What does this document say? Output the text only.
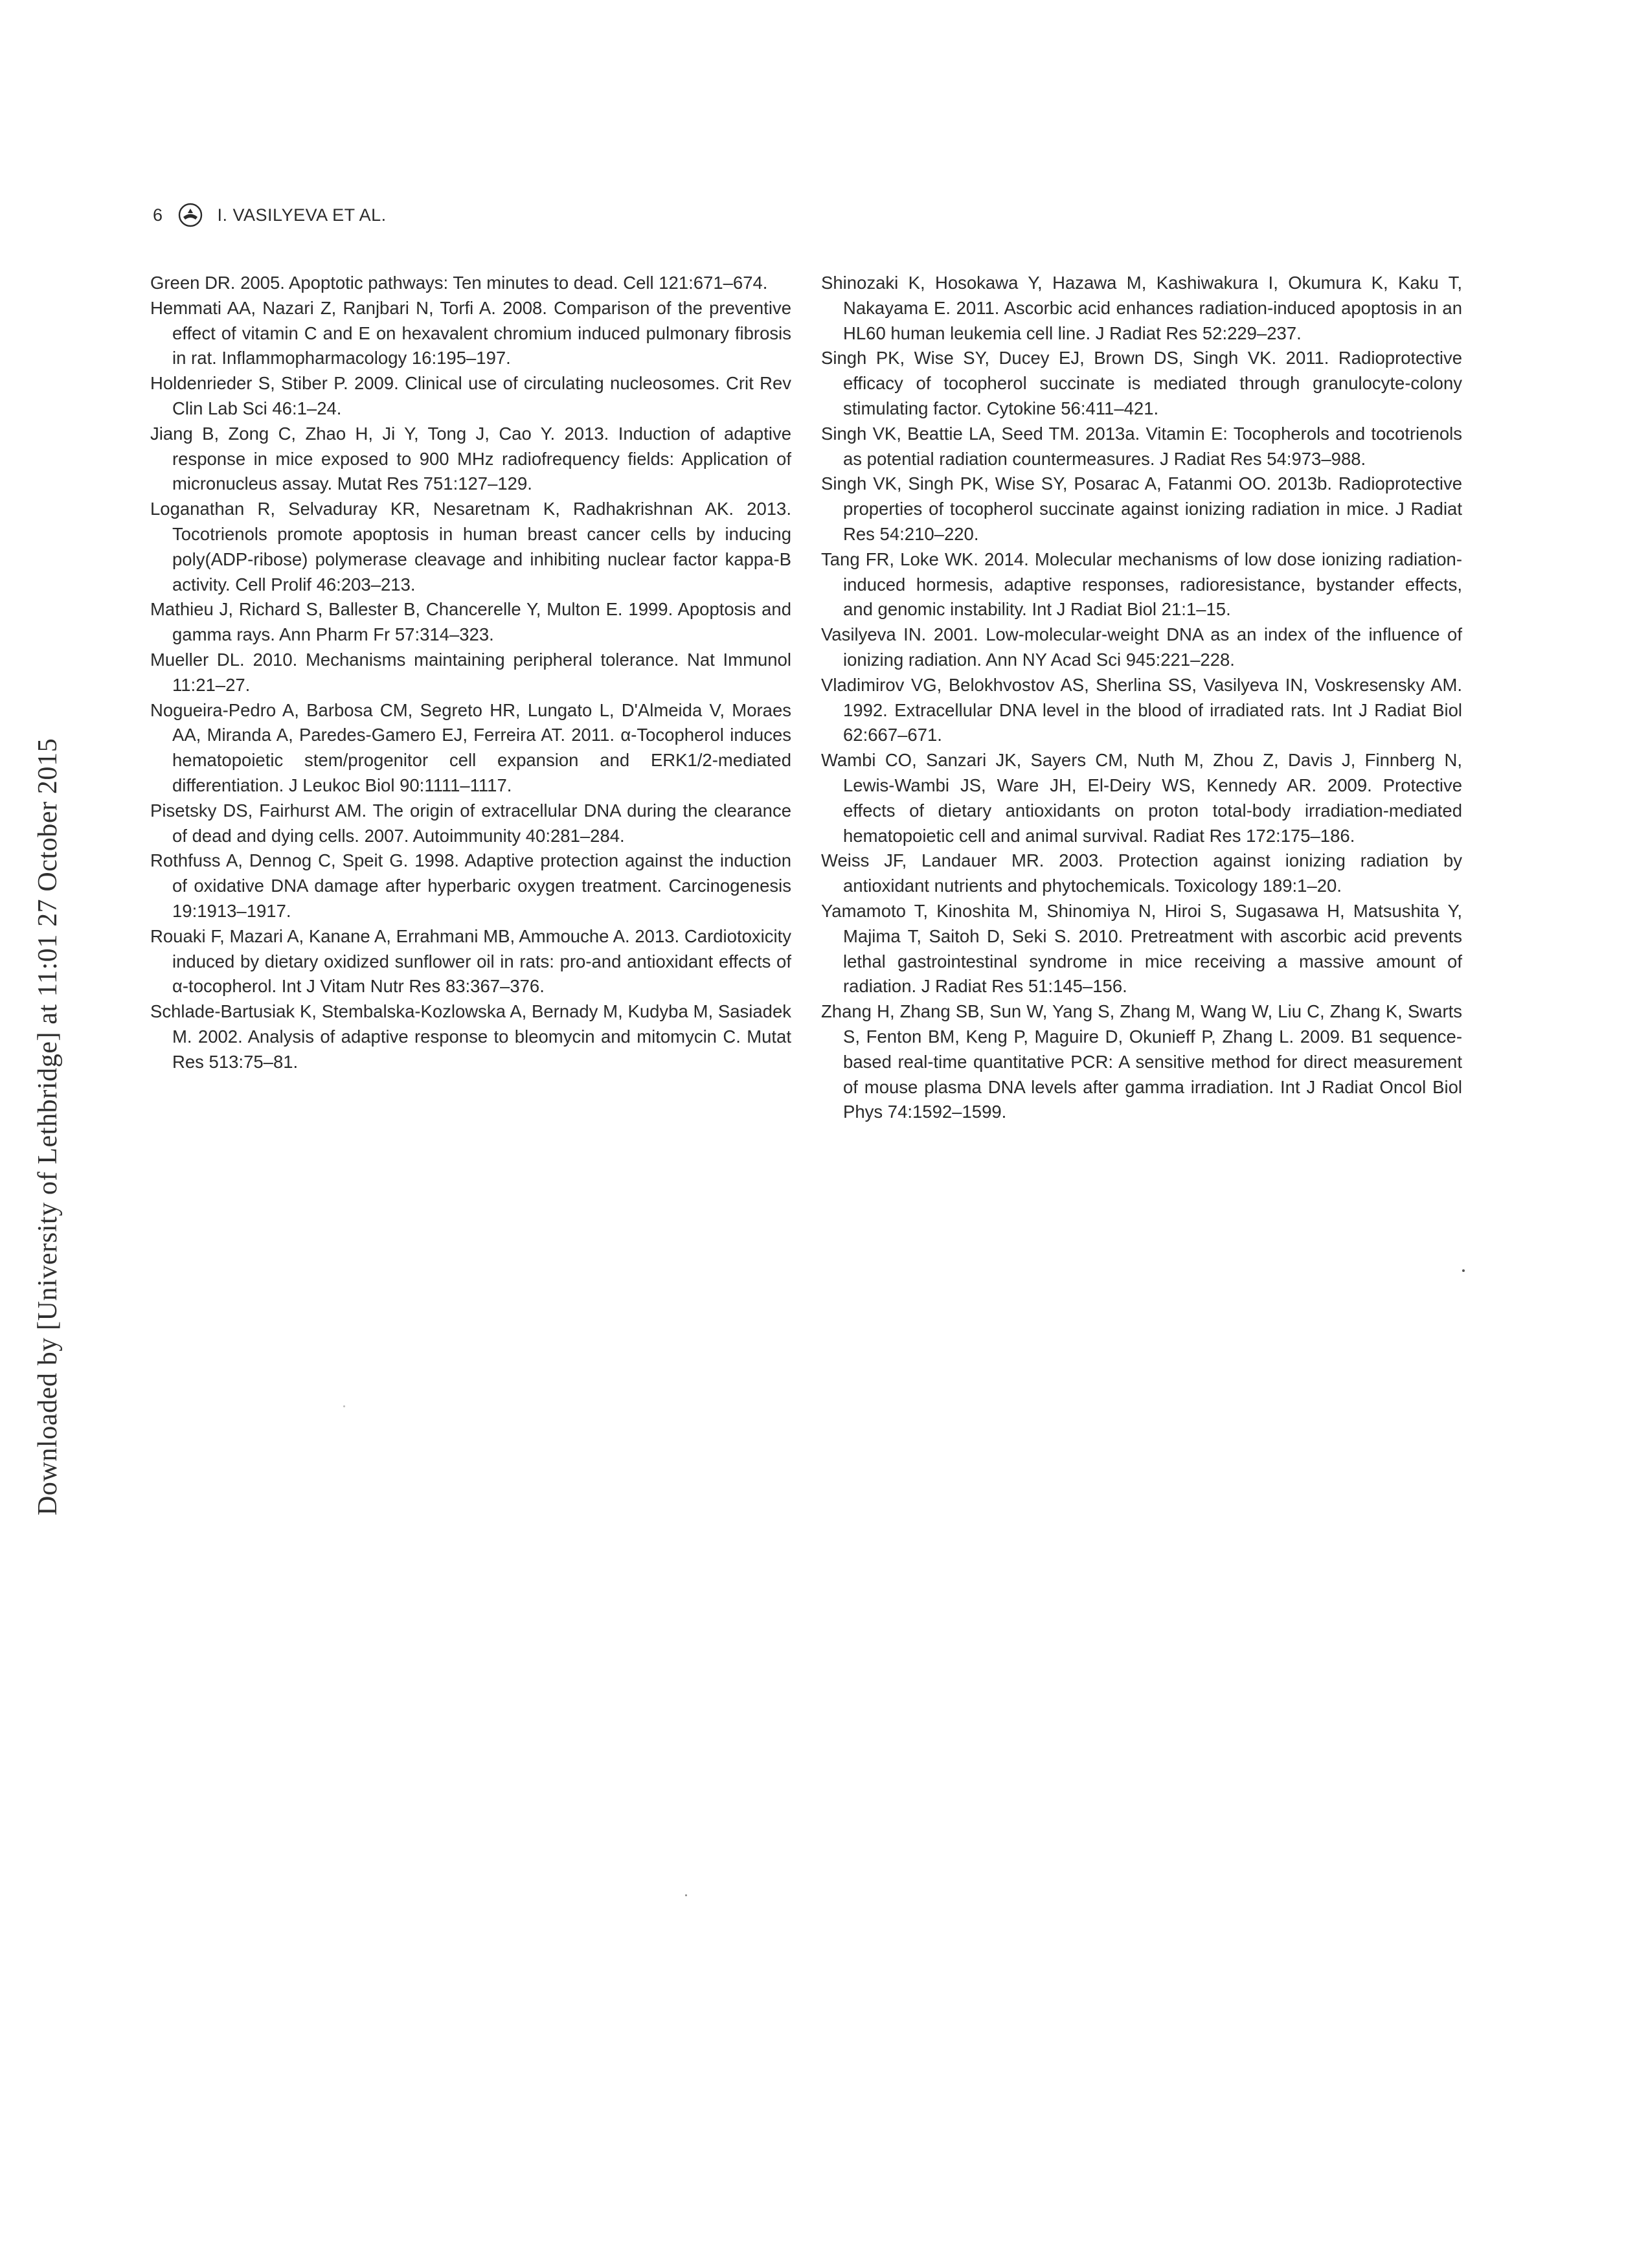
6	I. VASILYEVA ET AL.

Green DR. 2005. Apoptotic pathways: Ten minutes to dead. Cell 121:671–674.

Hemmati AA, Nazari Z, Ranjbari N, Torfi A. 2008. Comparison of the preventive effect of vitamin C and E on hexavalent chromium induced pulmonary fibrosis in rat. Inflammopharmacology 16:195–197.

Holdenrieder S, Stiber P. 2009. Clinical use of circulating nucleosomes. Crit Rev Clin Lab Sci 46:1–24.

Jiang B, Zong C, Zhao H, Ji Y, Tong J, Cao Y. 2013. Induction of adaptive response in mice exposed to 900 MHz radiofrequency fields: Application of micronucleus assay. Mutat Res 751:127–129.

Loganathan R, Selvaduray KR, Nesaretnam K, Radhakrishnan AK. 2013. Tocotrienols promote apoptosis in human breast cancer cells by inducing poly(ADP-ribose) polymerase cleavage and inhibiting nuclear factor kappa-B activity. Cell Prolif 46:203–213.

Mathieu J, Richard S, Ballester B, Chancerelle Y, Multon E. 1999. Apoptosis and gamma rays. Ann Pharm Fr 57:314–323.

Mueller DL. 2010. Mechanisms maintaining peripheral tolerance. Nat Immunol 11:21–27.

Nogueira-Pedro A, Barbosa CM, Segreto HR, Lungato L, D'Almeida V, Moraes AA, Miranda A, Paredes-Gamero EJ, Ferreira AT. 2011. α-Tocopherol induces hematopoietic stem/progenitor cell expansion and ERK1/2-mediated differentiation. J Leukoc Biol 90:1111–1117.

Pisetsky DS, Fairhurst AM. The origin of extracellular DNA during the clearance of dead and dying cells. 2007. Autoimmunity 40:281–284.

Rothfuss A, Dennog C, Speit G. 1998. Adaptive protection against the induction of oxidative DNA damage after hyperbaric oxygen treatment. Carcinogenesis 19:1913–1917.

Rouaki F, Mazari A, Kanane A, Errahmani MB, Ammouche A. 2013. Cardiotoxicity induced by dietary oxidized sunflower oil in rats: pro-and antioxidant effects of α-tocopherol. Int J Vitam Nutr Res 83:367–376.

Schlade-Bartusiak K, Stembalska-Kozlowska A, Bernady M, Kudyba M, Sasiadek M. 2002. Analysis of adaptive response to bleomycin and mitomycin C. Mutat Res 513:75–81.

Shinozaki K, Hosokawa Y, Hazawa M, Kashiwakura I, Okumura K, Kaku T, Nakayama E. 2011. Ascorbic acid enhances radiation-induced apoptosis in an HL60 human leukemia cell line. J Radiat Res 52:229–237.

Singh PK, Wise SY, Ducey EJ, Brown DS, Singh VK. 2011. Radioprotective efficacy of tocopherol succinate is mediated through granulocyte-colony stimulating factor. Cytokine 56:411–421.

Singh VK, Beattie LA, Seed TM. 2013a. Vitamin E: Tocopherols and tocotrienols as potential radiation countermeasures. J Radiat Res 54:973–988.

Singh VK, Singh PK, Wise SY, Posarac A, Fatanmi OO. 2013b. Radioprotective properties of tocopherol succinate against ionizing radiation in mice. J Radiat Res 54:210–220.

Tang FR, Loke WK. 2014. Molecular mechanisms of low dose ionizing radiation-induced hormesis, adaptive responses, radioresistance, bystander effects, and genomic instability. Int J Radiat Biol 21:1–15.

Vasilyeva IN. 2001. Low-molecular-weight DNA as an index of the influence of ionizing radiation. Ann NY Acad Sci 945:221–228.

Vladimirov VG, Belokhvostov AS, Sherlina SS, Vasilyeva IN, Voskresensky AM. 1992. Extracellular DNA level in the blood of irradiated rats. Int J Radiat Biol 62:667–671.

Wambi CO, Sanzari JK, Sayers CM, Nuth M, Zhou Z, Davis J, Finnberg N, Lewis-Wambi JS, Ware JH, El-Deiry WS, Kennedy AR. 2009. Protective effects of dietary antioxidants on proton total-body irradiation-mediated hematopoietic cell and animal survival. Radiat Res 172:175–186.

Weiss JF, Landauer MR. 2003. Protection against ionizing radiation by antioxidant nutrients and phytochemicals. Toxicology 189:1–20.

Yamamoto T, Kinoshita M, Shinomiya N, Hiroi S, Sugasawa H, Matsushita Y, Majima T, Saitoh D, Seki S. 2010. Pretreatment with ascorbic acid prevents lethal gastrointestinal syndrome in mice receiving a massive amount of radiation. J Radiat Res 51:145–156.

Zhang H, Zhang SB, Sun W, Yang S, Zhang M, Wang W, Liu C, Zhang K, Swarts S, Fenton BM, Keng P, Maguire D, Okunieff P, Zhang L. 2009. B1 sequence-based real-time quantitative PCR: A sensitive method for direct measurement of mouse plasma DNA levels after gamma irradiation. Int J Radiat Oncol Biol Phys 74:1592–1599.

Downloaded by [University of Lethbridge] at 11:01 27 October 2015
